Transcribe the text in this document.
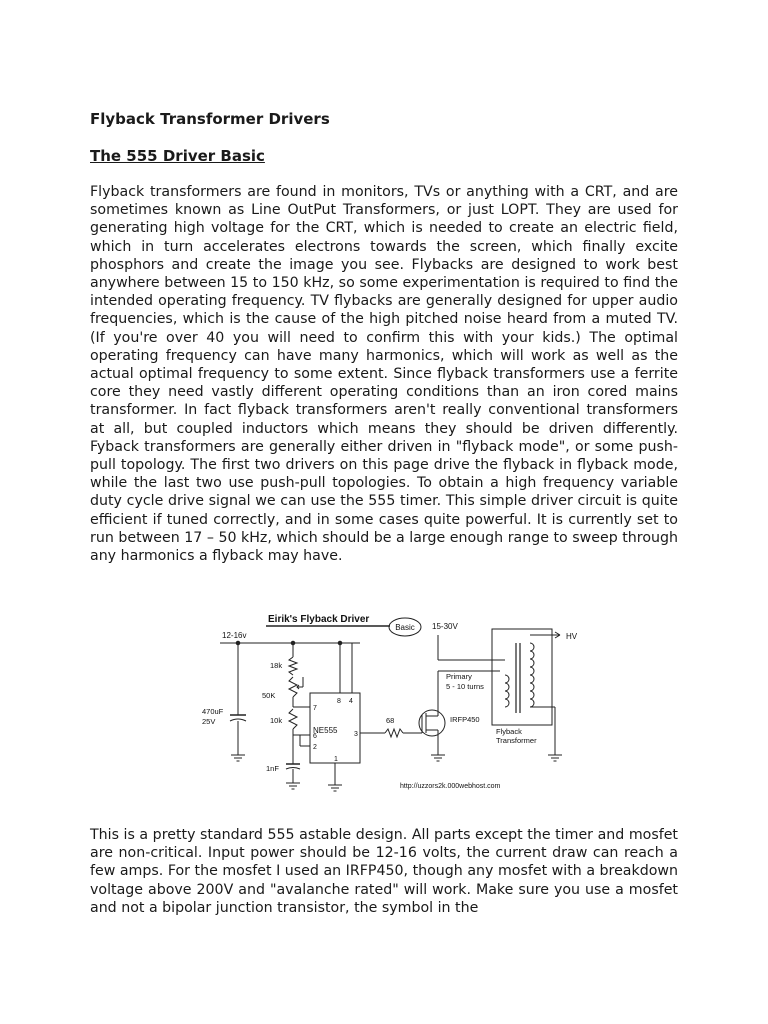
Flyback Transformer Drivers
The 555 Driver Basic

Flyback transformers are found in monitors, TVs or anything with a CRT, and are sometimes known as Line OutPut Transformers, or just LOPT. They are used for generating high voltage for the CRT, which is needed to create an electric field, which in turn accelerates electrons towards the screen, which finally excite phosphors and create the image you see. Flybacks are designed to work best anywhere between 15 to 150 kHz, so some experimentation is required to find the intended operating frequency. TV flybacks are generally designed for upper audio frequencies, which is the cause of the high pitched noise heard from a muted TV. (If you're over 40 you will need to confirm this with your kids.) The optimal operating frequency can have many harmonics, which will work as well as the actual optimal frequency to some extent. Since flyback transformers use a ferrite core they need vastly different operating conditions than an iron cored mains transformer. In fact flyback transformers aren't really conventional transformers at all, but coupled inductors which means they should be driven differently. Fyback transformers are generally either driven in "flyback mode", or some push-pull topology. The first two drivers on this page drive the flyback in flyback mode, while the last two use push-pull topologies. To obtain a high frequency variable duty cycle drive signal we can use the 555 timer. This simple driver circuit is quite efficient if tuned correctly, and in some cases quite powerful. It is currently set to run between 17 – 50 kHz, which should be a large enough range to sweep through any harmonics a flyback may have.

This is a pretty standard 555 astable design. All parts except the timer and mosfet are non-critical. Input power should be 12-16 volts, the current draw can reach a few amps. For the mosfet I used an IRFP450, though any mosfet with a breakdown voltage above 200V and "avalanche rated" will work. Make sure you use a mosfet and not a bipolar junction transistor, the symbol in the

Eirik's Flyback Driver
Basic
12-16v
15-30V
HV
470uF
25V
18k
50K
10k
1nF
NE555
7
8 4
6
2
3
1
68	IRFP450
Primary
5 - 10 turns
Flyback
Transformer
http://uzzors2k.000webhost.com
